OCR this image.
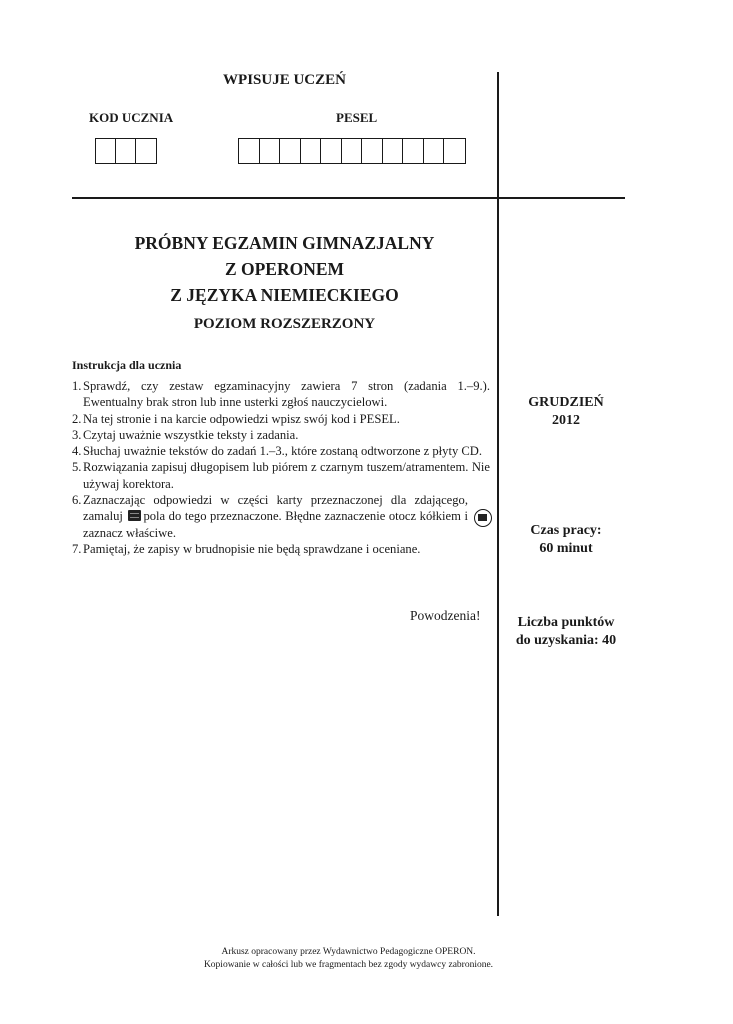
WPISUJE UCZEŃ
KOD UCZNIA	PESEL
PRÓBNY EGZAMIN GIMNAZJALNY
Z OPERONEM
Z JĘZYKA NIEMIECKIEGO
POZIOM ROZSZERZONY
Instrukcja dla ucznia
1. Sprawdź, czy zestaw egzaminacyjny zawiera 7 stron (zadania 1.–9.). Ewentualny brak stron lub inne usterki zgłoś nauczycielowi.
2. Na tej stronie i na karcie odpowiedzi wpisz swój kod i PESEL.
3. Czytaj uważnie wszystkie teksty i zadania.
4. Słuchaj uważnie tekstów do zadań 1.–3., które zostaną odtworzone z płyty CD.
5. Rozwiązania zapisuj długopisem lub piórem z czarnym tuszem/atramentem. Nie używaj korektora.
6. Zaznaczając odpowiedzi w części karty przeznaczonej dla zdającego, zamaluj pola do tego przeznaczone. Błędne zaznaczenie otocz kółkiem i zaznacz właściwe.
7. Pamiętaj, że zapisy w brudnopisie nie będą sprawdzane i oceniane.
Powodzenia!
GRUDZIEŃ
2012
Czas pracy:
60 minut
Liczba punktów
do uzyskania: 40
Arkusz opracowany przez Wydawnictwo Pedagogiczne OPERON.
Kopiowanie w całości lub we fragmentach bez zgody wydawcy zabronione.
